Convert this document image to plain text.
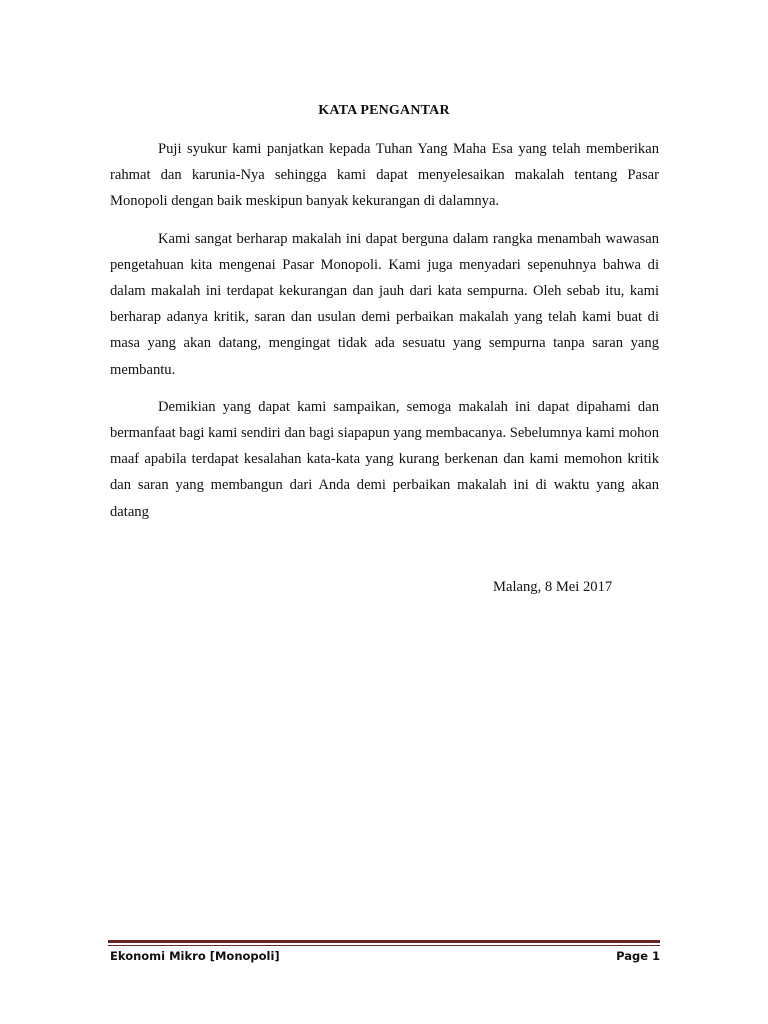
KATA PENGANTAR

Puji syukur kami panjatkan kepada Tuhan Yang Maha Esa yang telah memberikan rahmat dan karunia-Nya sehingga kami dapat menyelesaikan makalah tentang Pasar Monopoli dengan baik meskipun banyak kekurangan di dalamnya.

Kami sangat berharap makalah ini dapat berguna dalam rangka menambah wawasan pengetahuan kita mengenai Pasar Monopoli. Kami juga menyadari sepenuhnya bahwa di dalam makalah ini terdapat kekurangan dan jauh dari kata sempurna. Oleh sebab itu, kami berharap adanya kritik, saran dan usulan demi perbaikan makalah yang telah kami buat di masa yang akan datang, mengingat tidak ada sesuatu yang sempurna tanpa saran yang membantu.

Demikian yang dapat kami sampaikan, semoga makalah ini dapat dipahami dan bermanfaat bagi kami sendiri dan bagi siapapun yang membacanya. Sebelumnya kami mohon maaf apabila terdapat kesalahan kata-kata yang kurang berkenan dan kami memohon kritik dan saran yang membangun dari Anda demi perbaikan makalah ini di waktu yang akan datang

Malang, 8 Mei 2017
Ekonomi Mikro [Monopoli]	Page 1
